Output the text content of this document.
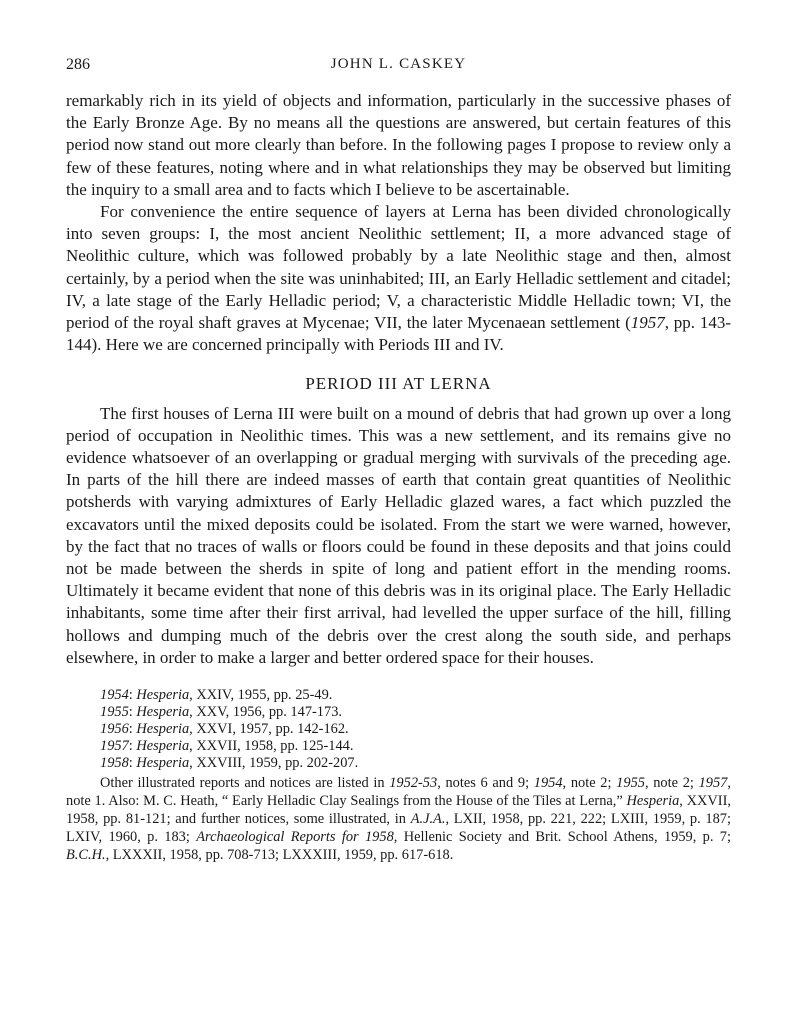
286	JOHN L. CASKEY

remarkably rich in its yield of objects and information, particularly in the successive phases of the Early Bronze Age. By no means all the questions are answered, but certain features of this period now stand out more clearly than before. In the following pages I propose to review only a few of these features, noting where and in what relationships they may be observed but limiting the inquiry to a small area and to facts which I believe to be ascertainable.

For convenience the entire sequence of layers at Lerna has been divided chronologically into seven groups: I, the most ancient Neolithic settlement; II, a more advanced stage of Neolithic culture, which was followed probably by a late Neolithic stage and then, almost certainly, by a period when the site was uninhabited; III, an Early Helladic settlement and citadel; IV, a late stage of the Early Helladic period; V, a characteristic Middle Helladic town; VI, the period of the royal shaft graves at Mycenae; VII, the later Mycenaean settlement (1957, pp. 143-144). Here we are concerned principally with Periods III and IV.

PERIOD III AT LERNA

The first houses of Lerna III were built on a mound of debris that had grown up over a long period of occupation in Neolithic times. This was a new settlement, and its remains give no evidence whatsoever of an overlapping or gradual merging with survivals of the preceding age. In parts of the hill there are indeed masses of earth that contain great quantities of Neolithic potsherds with varying admixtures of Early Helladic glazed wares, a fact which puzzled the excavators until the mixed deposits could be isolated. From the start we were warned, however, by the fact that no traces of walls or floors could be found in these deposits and that joins could not be made between the sherds in spite of long and patient effort in the mending rooms. Ultimately it became evident that none of this debris was in its original place. The Early Helladic inhabitants, some time after their first arrival, had levelled the upper surface of the hill, filling hollows and dumping much of the debris over the crest along the south side, and perhaps elsewhere, in order to make a larger and better ordered space for their houses.

1954: Hesperia, XXIV, 1955, pp. 25-49.
1955: Hesperia, XXV, 1956, pp. 147-173.
1956: Hesperia, XXVI, 1957, pp. 142-162.
1957: Hesperia, XXVII, 1958, pp. 125-144.
1958: Hesperia, XXVIII, 1959, pp. 202-207.
Other illustrated reports and notices are listed in 1952-53, notes 6 and 9; 1954, note 2; 1955, note 2; 1957, note 1. Also: M. C. Heath, “ Early Helladic Clay Sealings from the House of the Tiles at Lerna,” Hesperia, XXVII, 1958, pp. 81-121; and further notices, some illustrated, in A.J.A., LXII, 1958, pp. 221, 222; LXIII, 1959, p. 187; LXIV, 1960, p. 183; Archaeological Reports for 1958, Hellenic Society and Brit. School Athens, 1959, p. 7; B.C.H., LXXXII, 1958, pp. 708-713; LXXXIII, 1959, pp. 617-618.
